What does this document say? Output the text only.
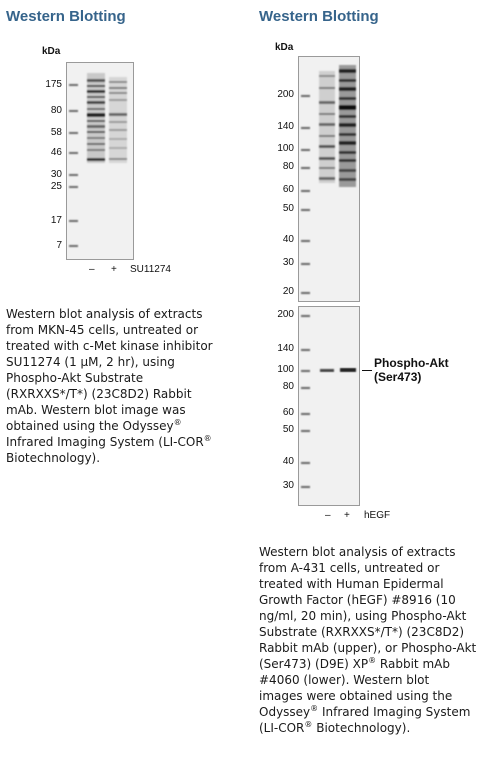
Western Blotting
kDa
175
80
58
46
30
25
17
7
– + SU11274
Western blot analysis of extracts
from MKN-45 cells, untreated or
treated with c-Met kinase inhibitor
SU11274 (1 µM, 2 hr), using
Phospho-Akt Substrate
(RXRXXS*/T*) (23C8D2) Rabbit
mAb. Western blot image was
obtained using the Odyssey®
Infrared Imaging System (LI-COR®
Biotechnology).
Western Blotting
kDa
200
140
100
80
60
50
40
30
20
200
140
100
80
60
50
40
30
Phospho-Akt
(Ser473)
– + hEGF
Western blot analysis of extracts
from A-431 cells, untreated or
treated with Human Epidermal
Growth Factor (hEGF) #8916 (10
ng/ml, 20 min), using Phospho-Akt
Substrate (RXRXXS*/T*) (23C8D2)
Rabbit mAb (upper), or Phospho-Akt
(Ser473) (D9E) XP® Rabbit mAb
#4060 (lower). Western blot
images were obtained using the
Odyssey® Infrared Imaging System
(LI-COR® Biotechnology).
